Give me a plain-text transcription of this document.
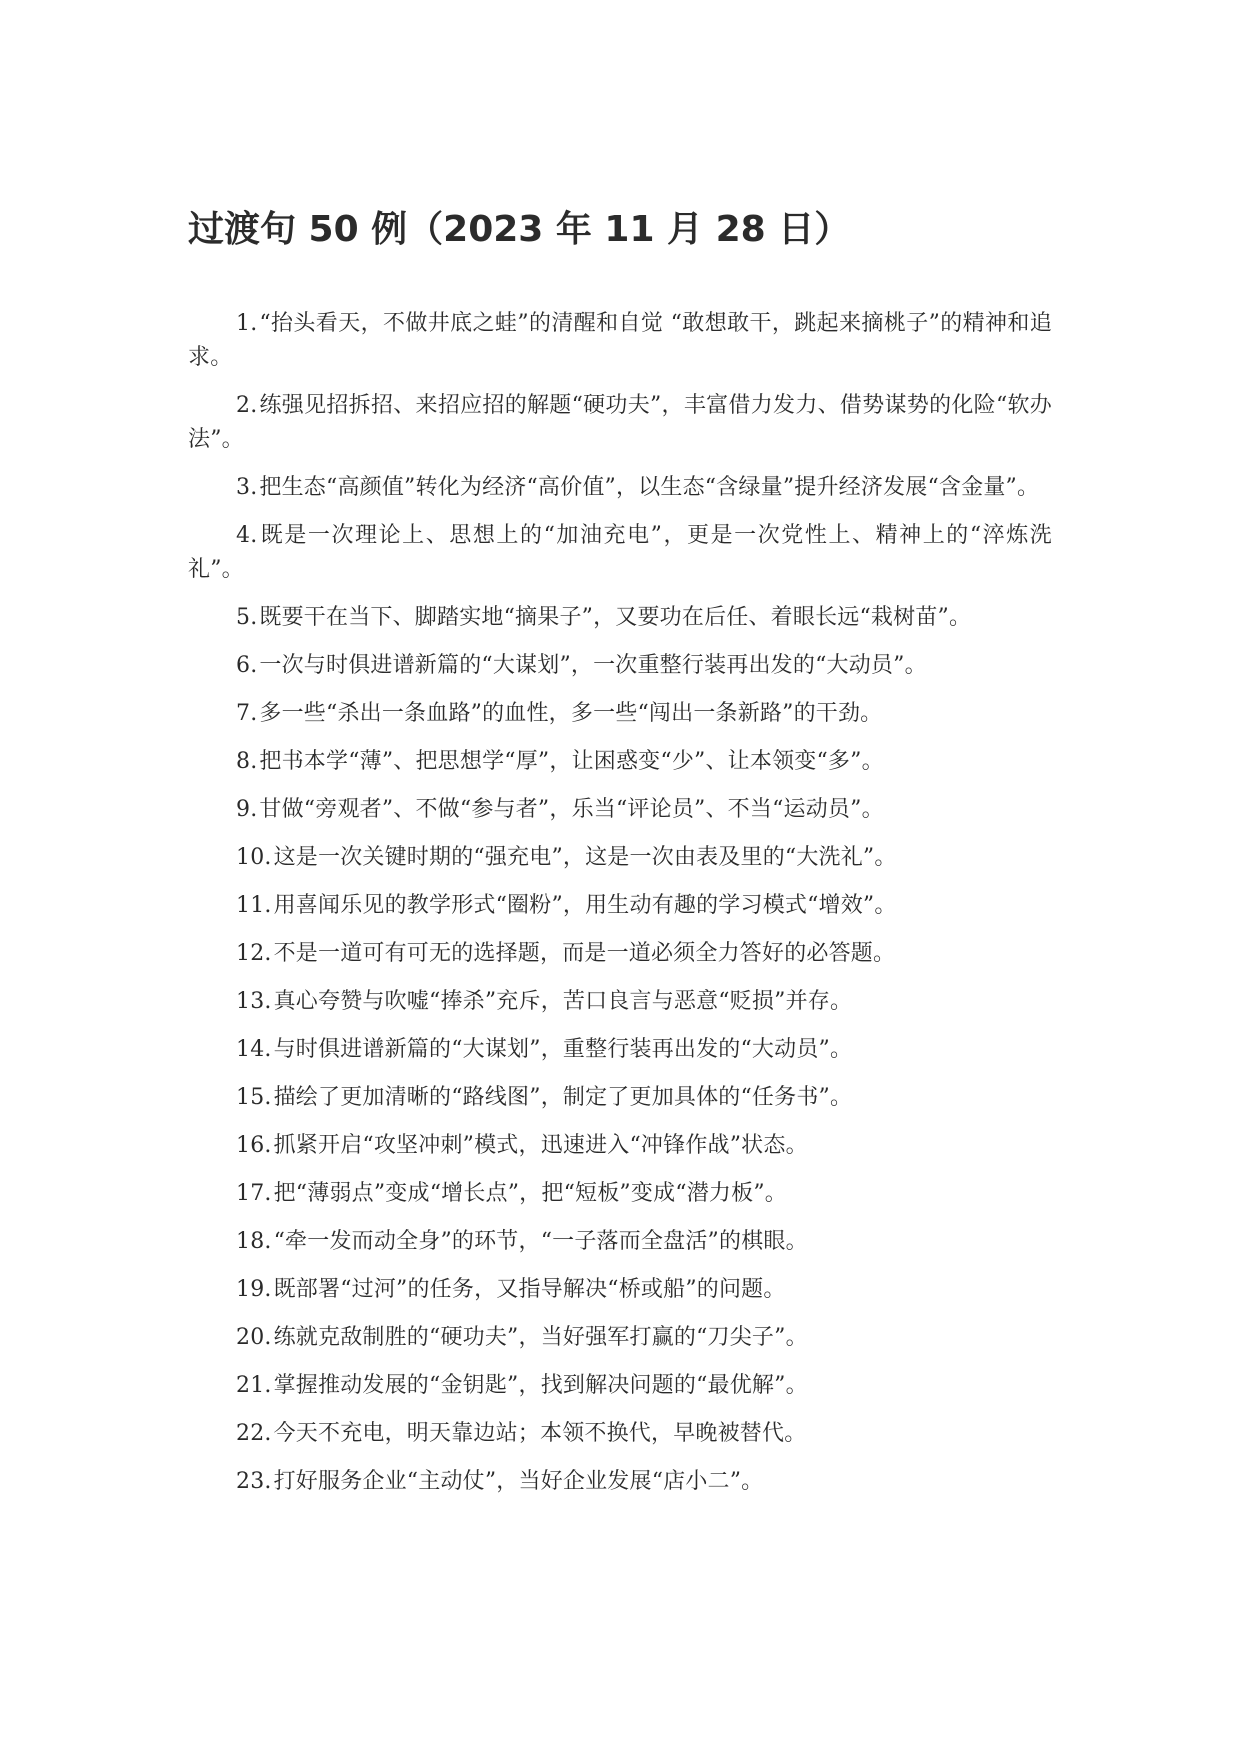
过渡句 50 例（2023 年 11 月 28 日）
1.“抬头看天，不做井底之蛙”的清醒和自觉 “敢想敢干，跳起来摘桃子”的精神和追求。
2.练强见招拆招、来招应招的解题“硬功夫”，丰富借力发力、借势谋势的化险“软办法”。
3.把生态“高颜值”转化为经济“高价值”，以生态“含绿量”提升经济发展“含金量”。
4.既是一次理论上、思想上的“加油充电”，更是一次党性上、精神上的“淬炼洗礼”。
5.既要干在当下、脚踏实地“摘果子”，又要功在后任、着眼长远“栽树苗”。
6.一次与时俱进谱新篇的“大谋划”，一次重整行装再出发的“大动员”。
7.多一些“杀出一条血路”的血性，多一些“闯出一条新路”的干劲。
8.把书本学“薄”、把思想学“厚”，让困惑变“少”、让本领变“多”。
9.甘做“旁观者”、不做“参与者”，乐当“评论员”、不当“运动员”。
10.这是一次关键时期的“强充电”，这是一次由表及里的“大洗礼”。
11.用喜闻乐见的教学形式“圈粉”，用生动有趣的学习模式“增效”。
12.不是一道可有可无的选择题，而是一道必须全力答好的必答题。
13.真心夸赞与吹嘘“捧杀”充斥，苦口良言与恶意“贬损”并存。
14.与时俱进谱新篇的“大谋划”，重整行装再出发的“大动员”。
15.描绘了更加清晰的“路线图”，制定了更加具体的“任务书”。
16.抓紧开启“攻坚冲刺”模式，迅速进入“冲锋作战”状态。
17.把“薄弱点”变成“增长点”，把“短板”变成“潜力板”。
18.“牵一发而动全身”的环节，“一子落而全盘活”的棋眼。
19.既部署“过河”的任务，又指导解决“桥或船”的问题。
20.练就克敌制胜的“硬功夫”，当好强军打赢的“刀尖子”。
21.掌握推动发展的“金钥匙”，找到解决问题的“最优解”。
22.今天不充电，明天靠边站；本领不换代，早晚被替代。
23.打好服务企业“主动仗”，当好企业发展“店小二”。
